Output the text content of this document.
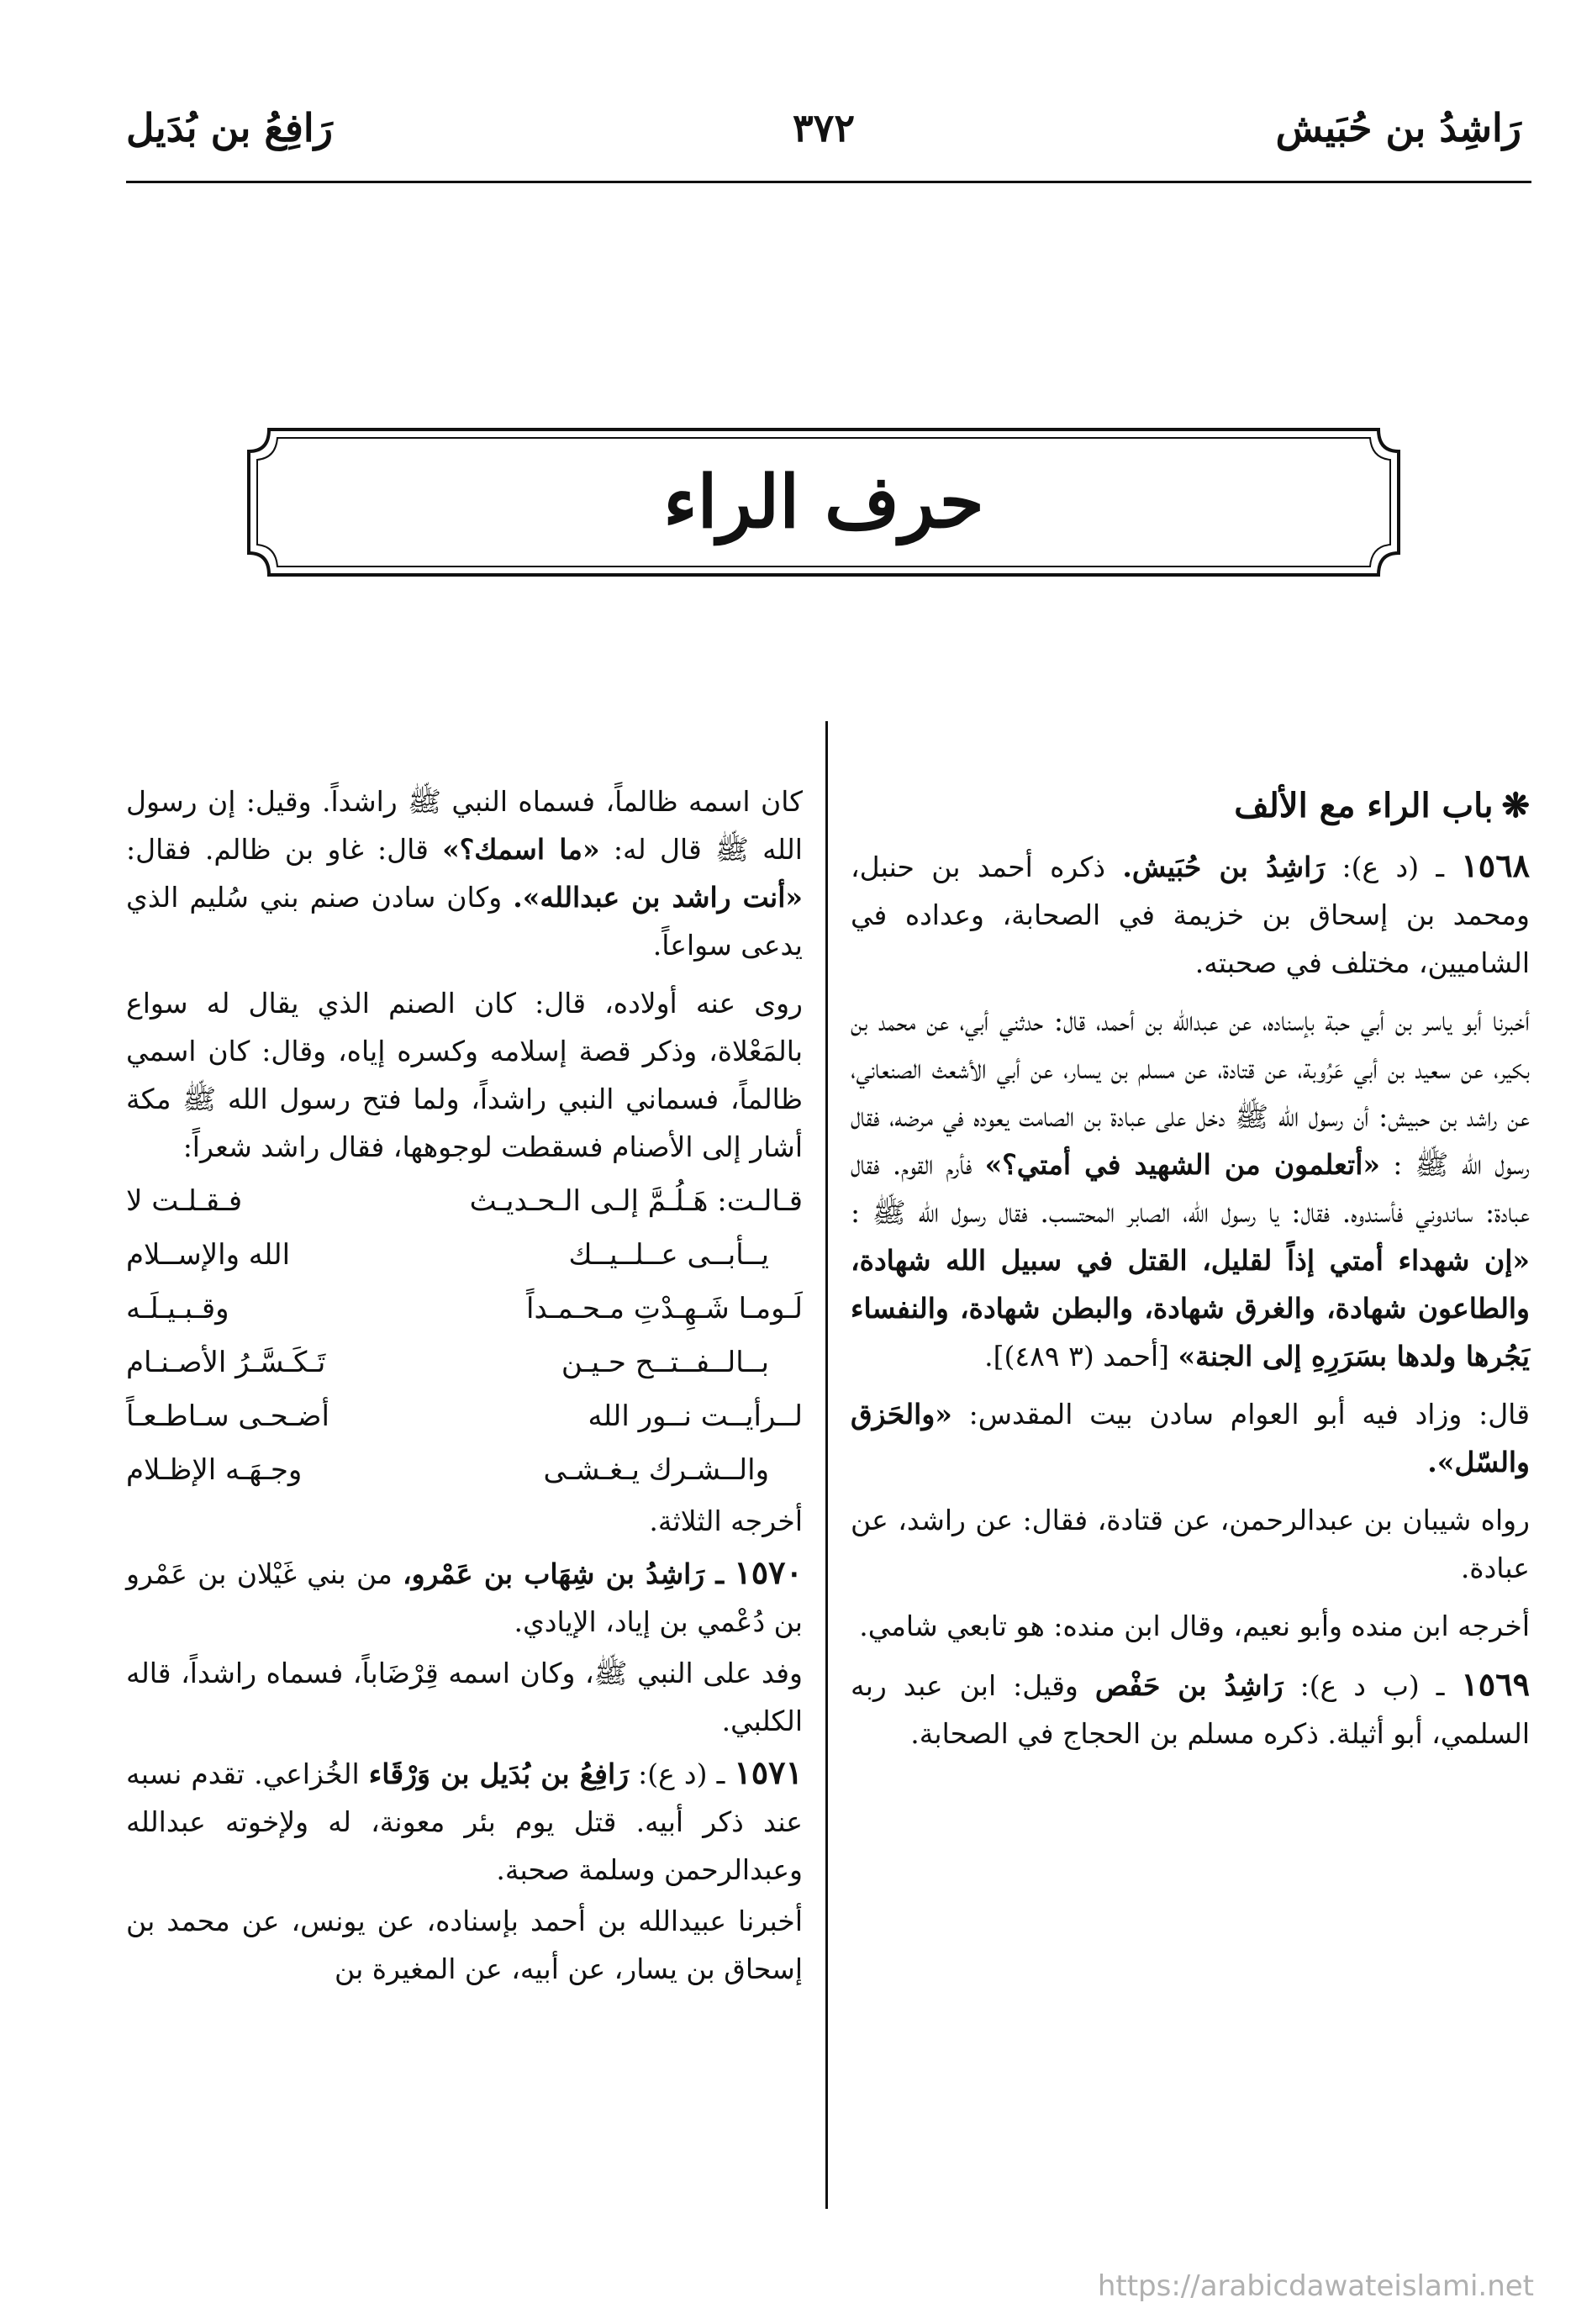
رَاشِدُ بن حُبَيش
٣٧٢
رَافِعُ بن بُدَيل
حرف الراء
❋باب الراء مع الألف

١٥٦٨ ـ (د ع): رَاشِدُ بن حُبَيش. ذكره أحمد بن حنبل، ومحمد بن إسحاق بن خزيمة في الصحابة، وعداده في الشاميين، مختلف في صحبته.

أخبرنا أبو ياسر بن أبي حبة بإسناده، عن عبدالله بن أحمد، قال: حدثني أبي، عن محمد بن بكير، عن سعيد بن أبي عَرُوبة، عن قتادة، عن مسلم بن يسار، عن أبي الأشعث الصنعاني، عن راشد بن حبيش: أن رسول الله ﷺ دخل على عبادة بن الصامت يعوده في مرضه، فقال رسول الله ﷺ : «أتعلمون من الشهيد في أمتي؟» فأرم القوم. فقال عبادة: ساندوني فأسندوه. فقال: يا رسول الله، الصابر المحتسب. فقال رسول الله ﷺ : «إن شهداء أمتي إذاً لقليل، القتل في سبيل الله شهادة، والطاعون شهادة، والغرق شهادة، والبطن شهادة، والنفساء يَجُرها ولدها بسَرَرِهِ إلى الجنة» [أحمد (٣ ٤٨٩)].

قال: وزاد فيه أبو العوام سادن بيت المقدس: «والحَزق والسّل».

رواه شيبان بن عبدالرحمن، عن قتادة، فقال: عن راشد، عن عبادة.

أخرجه ابن منده وأبو نعيم، وقال ابن منده: هو تابعي شامي.

١٥٦٩ ـ (ب د ع): رَاشِدُ بن حَفْص وقيل: ابن عبد ربه السلمي، أبو أثيلة. ذكره مسلم بن الحجاج في الصحابة.

كان اسمه ظالماً، فسماه النبي ﷺ راشداً. وقيل: إن رسول الله ﷺ قال له: «ما اسمك؟» قال: غاو بن ظالم. فقال: «أنت راشد بن عبدالله». وكان سادن صنم بني سُليم الذي يدعى سواعاً.

روى عنه أولاده، قال: كان الصنم الذي يقال له سواع بالمَعْلاة، وذكر قصة إسلامه وكسره إياه، وقال: كان اسمي ظالماً، فسماني النبي راشداً، ولما فتح رسول الله ﷺ مكة أشار إلى الأصنام فسقطت لوجوهها، فقال راشد شعراً:

قـالـت: هَـلُـمَّ إلـى الـحـديـث
فـقـلـت لا
يــأبــى عــلــيــك
الله والإســلام
لَـومـا شَـهِـدْتِ مـحـمـداً
وقـبـيـلَـه
بــالــفــتــح حـيـن
تَـكَـسَّـرُ الأصـنـام
لــرأيــت نــور الله
أضـحـى سـاطـعـاً
والــشـرك يـغـشـى
وجـهَـه الإظـلام

أخرجه الثلاثة.

١٥٧٠ ـ رَاشِدُ بن شِهَاب بن عَمْرو، من بني غَيْلان بن عَمْرو بن دُعْمي بن إياد، الإيادي.

وفد على النبي ﷺ، وكان اسمه قِرْضَاباً، فسماه راشداً، قاله الكلبي.

١٥٧١ ـ (د ع): رَافِعُ بن بُدَيل بن وَرْقَاء الخُزاعي. تقدم نسبه عند ذكر أبيه. قتل يوم بئر معونة، له ولإخوته عبدالله وعبدالرحمن وسلمة صحبة.

أخبرنا عبيدالله بن أحمد بإسناده، عن يونس، عن محمد بن إسحاق بن يسار، عن أبيه، عن المغيرة بن

https://arabicdawateislami.net
